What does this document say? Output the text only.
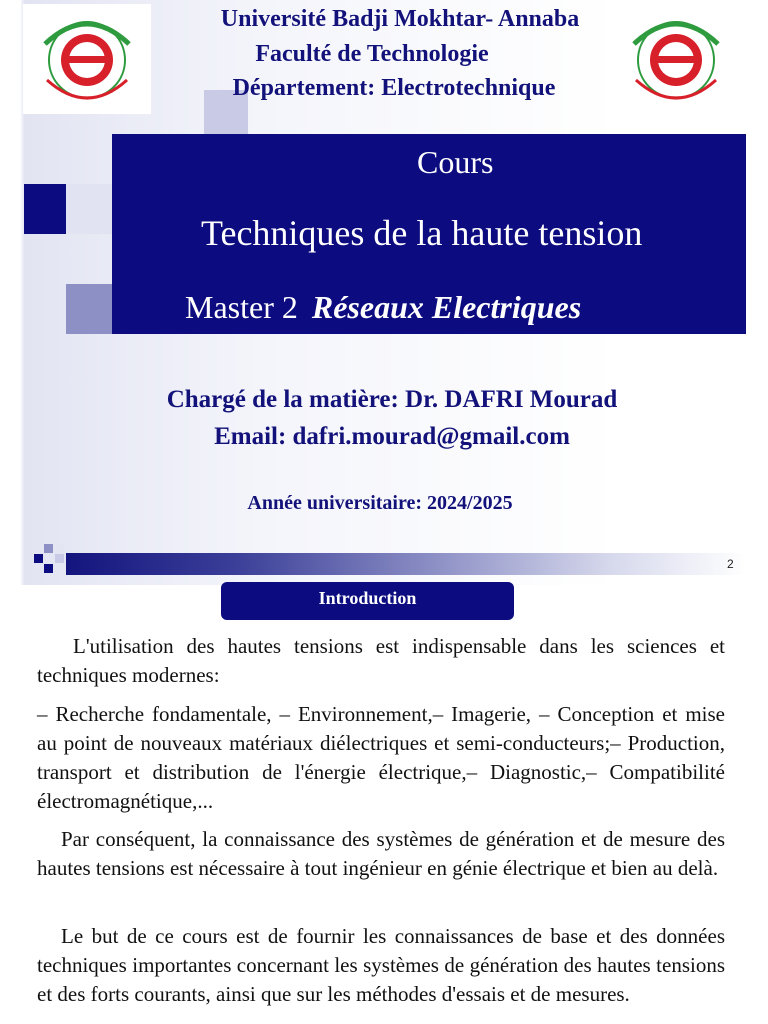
Université Badji Mokhtar- Annaba
Faculté de Technologie
Département: Electrotechnique
Cours
Techniques de la haute tension
Master 2 Réseaux Electriques
Chargé de la matière: Dr. DAFRI Mourad
Email: dafri.mourad@gmail.com
Année universitaire: 2024/2025
2
Introduction

L'utilisation des hautes tensions est indispensable dans les sciences et techniques modernes:

– Recherche fondamentale, – Environnement,– Imagerie, – Conception et mise au point de nouveaux matériaux diélectriques et semi-conducteurs;– Production, transport et distribution de l'énergie électrique,– Diagnostic,– Compatibilité électromagnétique,...

Par conséquent, la connaissance des systèmes de génération et de mesure des hautes tensions est nécessaire à tout ingénieur en génie électrique et bien au delà.

Le but de ce cours est de fournir les connaissances de base et des données techniques importantes concernant les systèmes de génération des hautes tensions et des forts courants, ainsi que sur les méthodes d'essais et de mesures.
